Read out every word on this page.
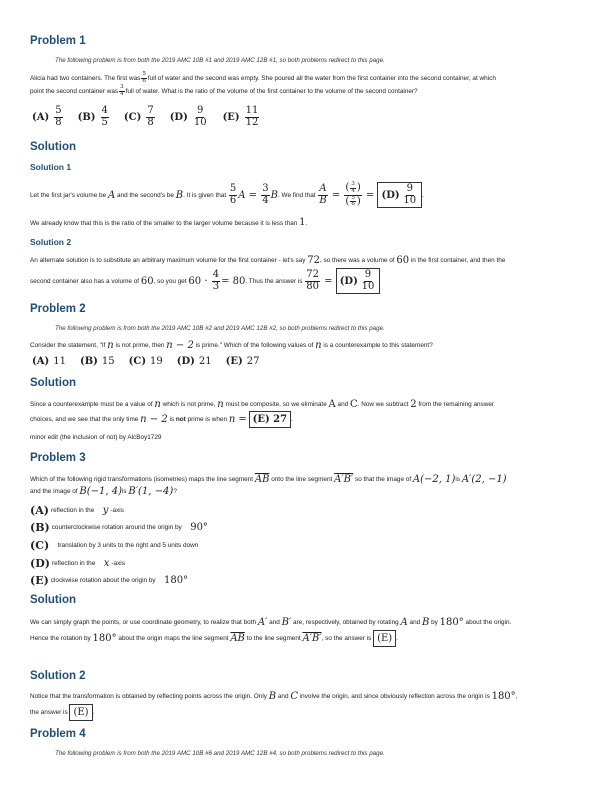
Problem 1
The following problem is from both the 2019 AMC 10B #1 and 2019 AMC 12B #1, so both problems redirect to this page.
Alicia had two containers. The first was $\frac{5}{6}$ full of water and the second was empty. She poured all the water from the first container into the second container, at which
point the second container was $\frac{3}{4}$ full of water. What is the ratio of the volume of the first container to the volume of the second container?
$(A) \frac{5}{8} (B) \frac{4}{5} (C) \frac{7}{8} (D) \frac{9}{10} (E) \frac{11}{12}$
Solution
Solution 1
Let the first jar's volume be
A
and the second's be
B . It is given that
$\frac{5}{6}$ $A = \frac{3}{4}$ B . We find that
$\frac{A}{B} = \frac{( \frac{3}{4} )}{( \frac{5}{6} )} = (D)$
$\frac{9}{10}$ .
We already know that this is the ratio of the smaller to the larger volume because it is less than 1.
Solution 2
An alternate solution is to substitute an arbitrary maximum volume for the first container - let's say
72 , so there was a volume of
60
in the first container, and then the
second container also has a volume of
60 , so you get
$60 \cdot \frac{4}{3} = 80$ . Thus the answer is
$\frac{72}{80} = (D)$
$\frac{9}{10}$
Problem 2
The following problem is from both the 2019 AMC 10B #2 and 2019 AMC 12B #2, so both problems redirect to this page.
Consider the statement, "If
n
is not prime, then
n − 2
is prime." Which of the following values of
n
is a counterexample to this statement?
(A) 11 (B) 15 (C) 19 (D) 21 (E) 27
Solution
Since a counterexample must be a value of
n
which is not prime,
n
must be composite, so we eliminate
A
and
C . Now we subtract
2
from the remaining answer
choices, and we see that the only time
n − 2
is
not
prime is when
n =
(E) 27 .
minor edit (the inclusion of not) by AlcBoy1729
Problem 3
Which of the following rigid transformations (isometries) maps the line segment
$\overline{AB}$
onto the line segment
A′B′
so that the image of
A(−2, 1) is
A′(2, −1)
and the image of
B(−1, 4) is
B′(1, −4) ?
(A) reflection in the
y -axis
(B) counterclockwise rotation around the origin by
90°
(C)
translation by 3 units to the right and 5 units down
(D) reflection in the
x -axis
(E) clockwise rotation about the origin by
180°
Solution
We can simply graph the points, or use coordinate geometry, to realize that both
A′
and
B′
are, respectively, obtained by rotating
A
and
B
by
180°
about the origin.
Hence the rotation by
180°
about the origin maps the line segment
$\overline{AB}$
to the line segment
A′B′ , so the answer is
(E) .
Solution 2
Notice that the transformation is obtained by reflecting points across the origin. Only
B
and
C
involve the origin, and since obviously reflection across the origin is
180° ,
the answer is
(E) .
Problem 4
The following problem is from both the 2019 AMC 10B #6 and 2019 AMC 12B #4, so both problems redirect to this page.
